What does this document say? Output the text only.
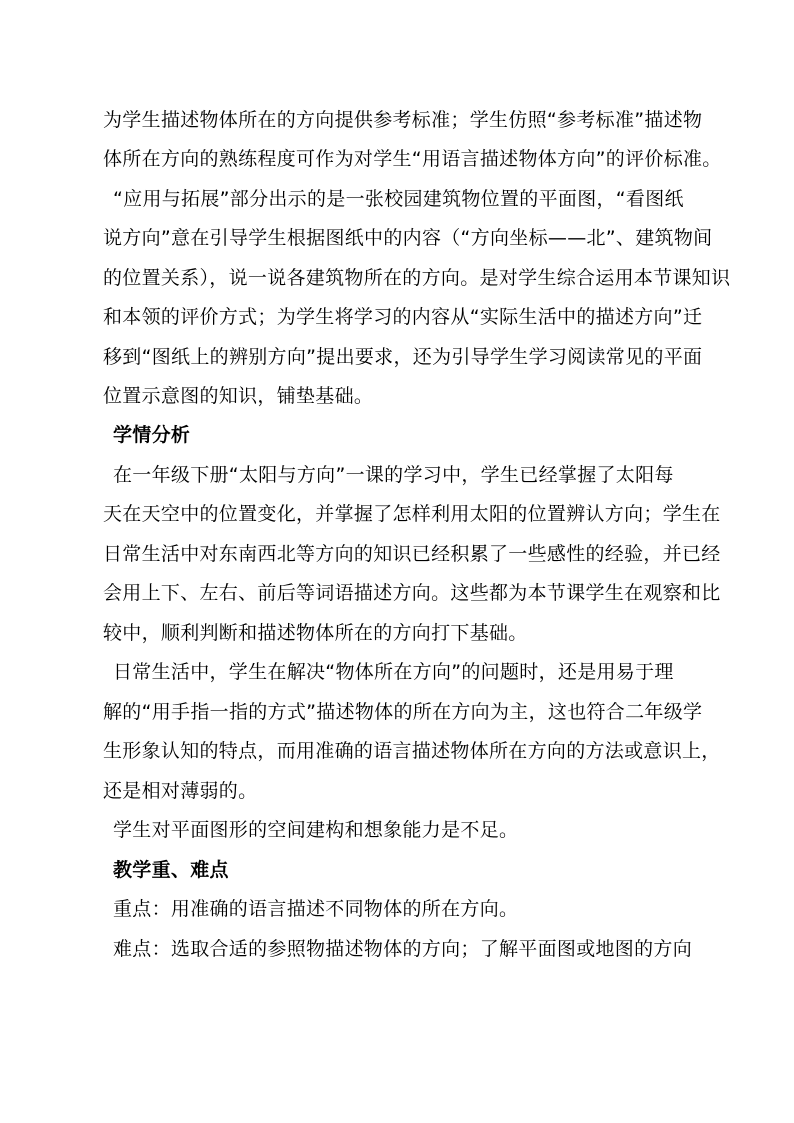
为学生描述物体所在的方向提供参考标准；学生仿照“参考标准”描述物
体所在方向的熟练程度可作为对学生“用语言描述物体方向”的评价标准。
“应用与拓展”部分出示的是一张校园建筑物位置的平面图，“看图纸
说方向”意在引导学生根据图纸中的内容（“方向坐标——北”、建筑物间
的位置关系），说一说各建筑物所在的方向。是对学生综合运用本节课知识
和本领的评价方式；为学生将学习的内容从“实际生活中的描述方向”迁
移到“图纸上的辨别方向”提出要求，还为引导学生学习阅读常见的平面
位置示意图的知识，铺垫基础。
学情分析
在一年级下册“太阳与方向”一课的学习中，学生已经掌握了太阳每
天在天空中的位置变化，并掌握了怎样利用太阳的位置辨认方向；学生在
日常生活中对东南西北等方向的知识已经积累了一些感性的经验，并已经
会用上下、左右、前后等词语描述方向。这些都为本节课学生在观察和比
较中，顺利判断和描述物体所在的方向打下基础。
日常生活中，学生在解决“物体所在方向”的问题时，还是用易于理
解的“用手指一指的方式”描述物体的所在方向为主，这也符合二年级学
生形象认知的特点，而用准确的语言描述物体所在方向的方法或意识上，
还是相对薄弱的。
学生对平面图形的空间建构和想象能力是不足。
教学重、难点
重点：用准确的语言描述不同物体的所在方向。
难点：选取合适的参照物描述物体的方向；了解平面图或地图的方向
